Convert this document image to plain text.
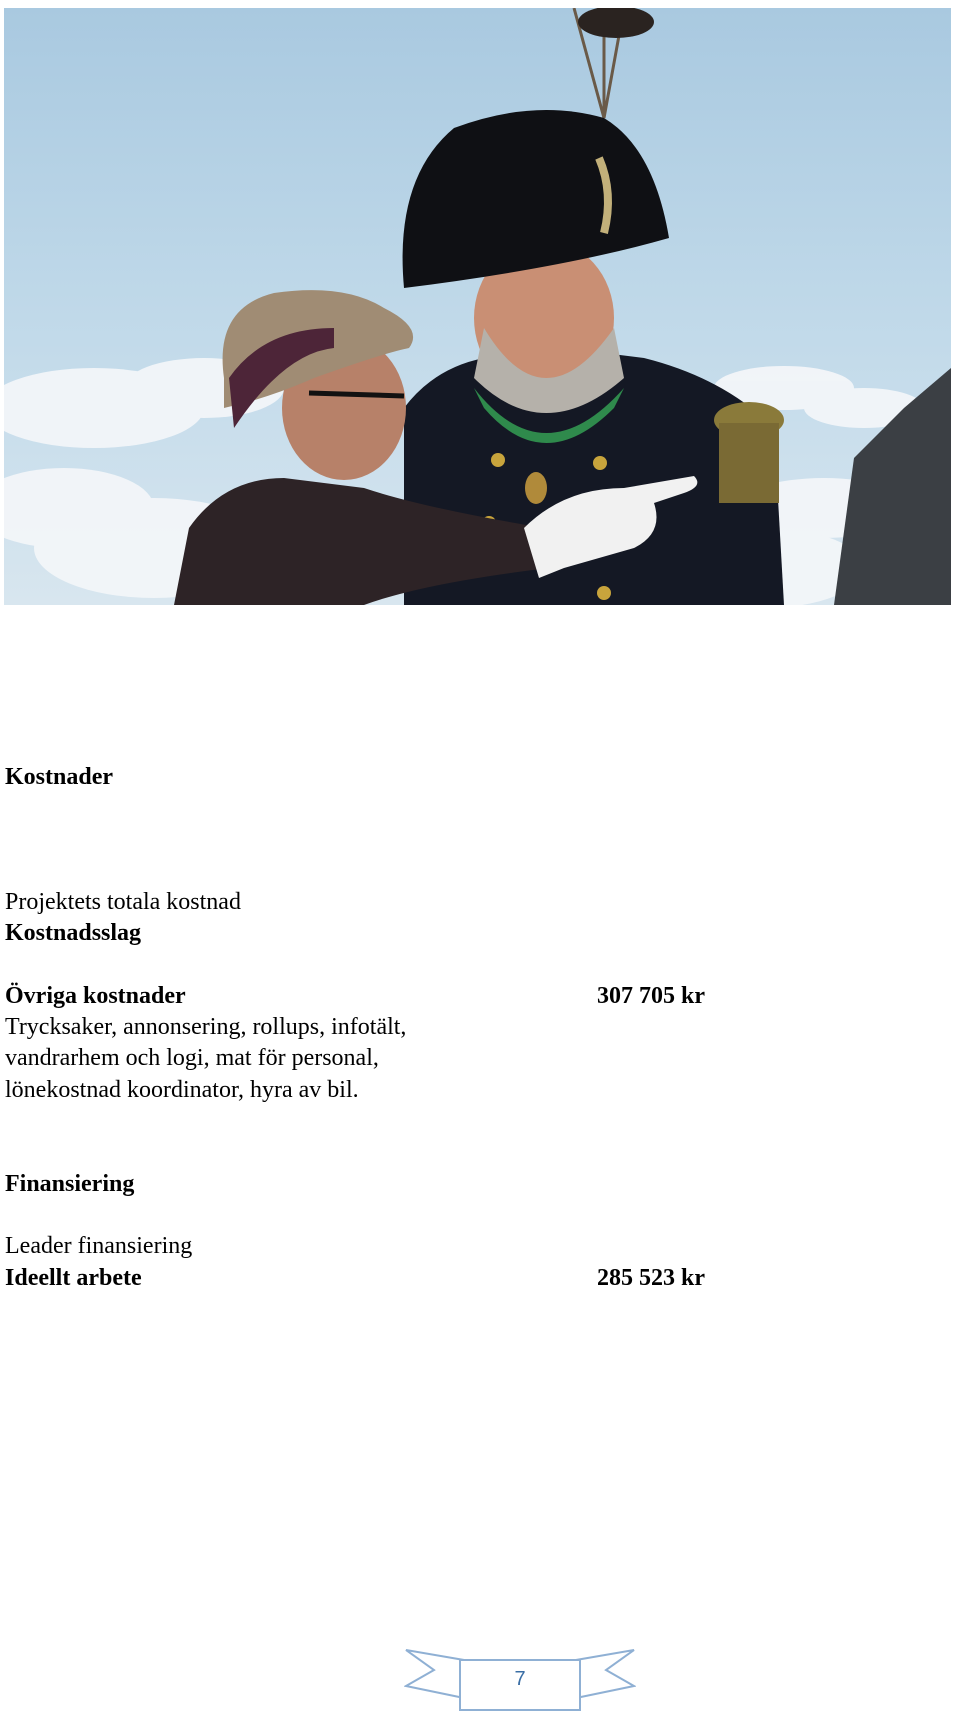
Kostnader
Projektets totala kostnad
Kostnadsslag
Övriga kostnader	307 705 kr
Trycksaker, annonsering, rollups, infotält,
vandrarhem och logi, mat för personal,
lönekostnad koordinator, hyra av bil.
Finansiering
Leader finansiering
Ideellt arbete	285 523 kr
7
